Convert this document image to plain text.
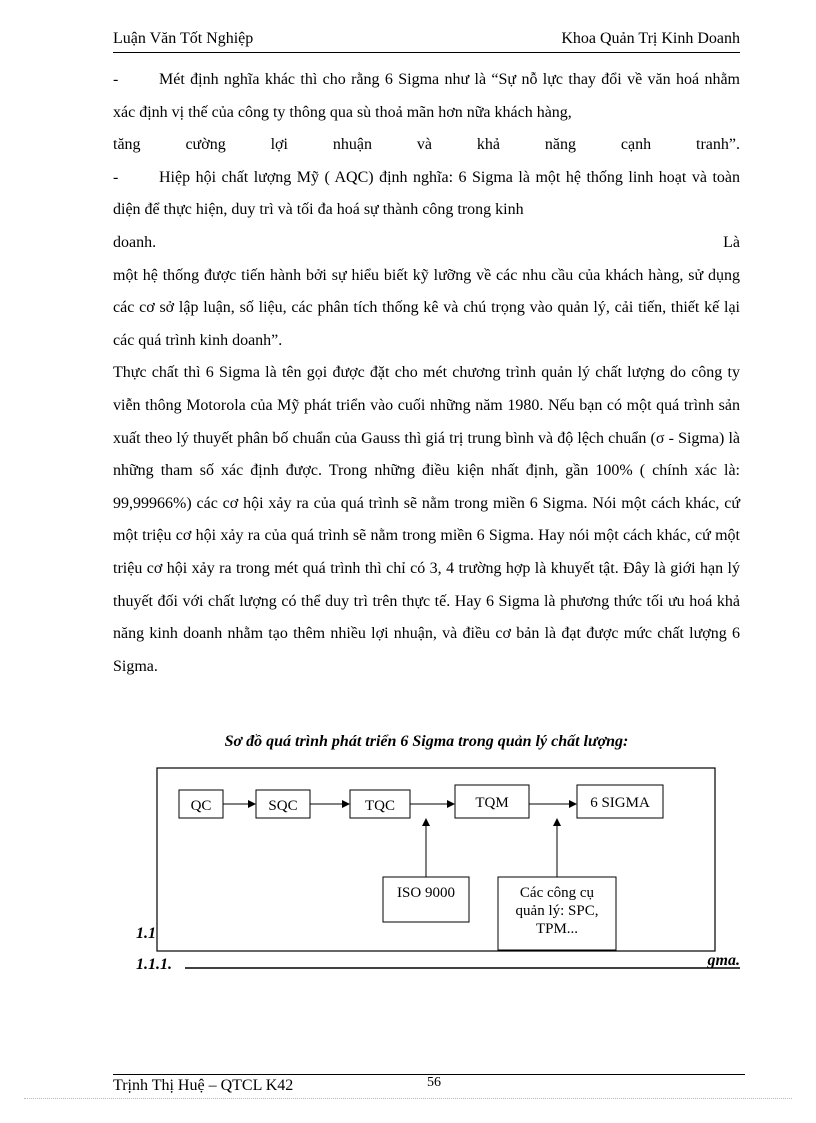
Luận Văn Tốt Nghiệp	Khoa Quản Trị Kinh Doanh

-	Mét định nghĩa khác thì cho rằng 6 Sigma như là “Sự nỗ lực thay đổi về văn hoá nhằm xác định vị thế của công ty thông qua sù thoả mãn hơn nữa khách hàng,

tăng cường lợi nhuận và khả năng cạnh tranh”.

-	Hiệp hội chất lượng Mỹ ( AQC) định nghĩa: 6 Sigma là một hệ thống linh hoạt và toàn diện để thực hiện, duy trì và tối đa hoá sự thành công trong kinh

doanh.	Là

một hệ thống được tiến hành bởi sự hiểu biết kỹ lưỡng về các nhu cầu của khách hàng, sử dụng các cơ sở lập luận, số liệu, các phân tích thống kê và chú trọng vào quản lý, cải tiến, thiết kế lại các quá trình kinh doanh”.

Thực chất thì 6 Sigma là tên gọi được đặt cho mét chương trình quản lý chất lượng do công ty viễn thông Motorola của Mỹ phát triển vào cuối những năm 1980. Nếu bạn có một quá trình sản xuất theo lý thuyết phân bố chuẩn của Gauss thì giá trị trung bình và độ lệch chuẩn (σ - Sigma) là những tham số xác định được. Trong những điều kiện nhất định, gần 100% ( chính xác là: 99,99966%) các cơ hội xảy ra của quá trình sẽ nằm trong miền 6 Sigma. Nói một cách khác, cứ một triệu cơ hội xảy ra của quá trình sẽ nằm trong miền 6 Sigma. Hay nói một cách khác, cứ một triệu cơ hội xảy ra trong mét quá trình thì chỉ có 3, 4 trường hợp là khuyết tật. Đây là giới hạn lý thuyết đối với chất lượng có thể duy trì trên thực tế. Hay 6 Sigma là phương thức tối ưu hoá khả năng kinh doanh nhằm tạo thêm nhiều lợi nhuận, và điều cơ bản là đạt được mức chất lượng 6 Sigma.

Sơ đồ quá trình phát triển 6 Sigma trong quản lý chất lượng:
QC	SQC	TQC	TQM	6 SIGMA
ISO 9000	Các công cụ
quản lý: SPC,
TPM...
1.1
1.1.1.	gma.
Trịnh Thị Huệ – QTCL K42	56
